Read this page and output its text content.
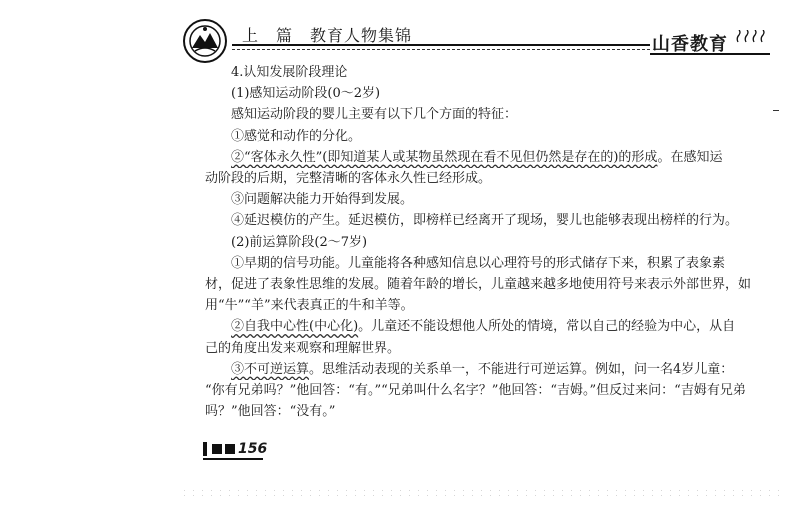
上　篇　教育人物集锦	山香教育

4.认知发展阶段理论

(1)感知运动阶段(0～2岁)

感知运动阶段的婴儿主要有以下几个方面的特征：

①感觉和动作的分化。

②“客体永久性”(即知道某人或某物虽然现在看不见但仍然是存在的)的形成。在感知运

动阶段的后期，完整清晰的客体永久性已经形成。

③问题解决能力开始得到发展。

④延迟模仿的产生。延迟模仿，即榜样已经离开了现场，婴儿也能够表现出榜样的行为。

(2)前运算阶段(2～7岁)

①早期的信号功能。儿童能将各种感知信息以心理符号的形式储存下来，积累了表象素

材，促进了表象性思维的发展。随着年龄的增长，儿童越来越多地使用符号来表示外部世界，如

用“牛”“羊”来代表真正的牛和羊等。

②自我中心性(中心化)。儿童还不能设想他人所处的情境，常以自己的经验为中心，从自

己的角度出发来观察和理解世界。

③不可逆运算。思维活动表现的关系单一，不能进行可逆运算。例如，问一名4岁儿童：

“你有兄弟吗？”他回答：“有。”“兄弟叫什么名字？”他回答：“吉姆。”但反过来问：“吉姆有兄弟

吗？”他回答：“没有。”

156
